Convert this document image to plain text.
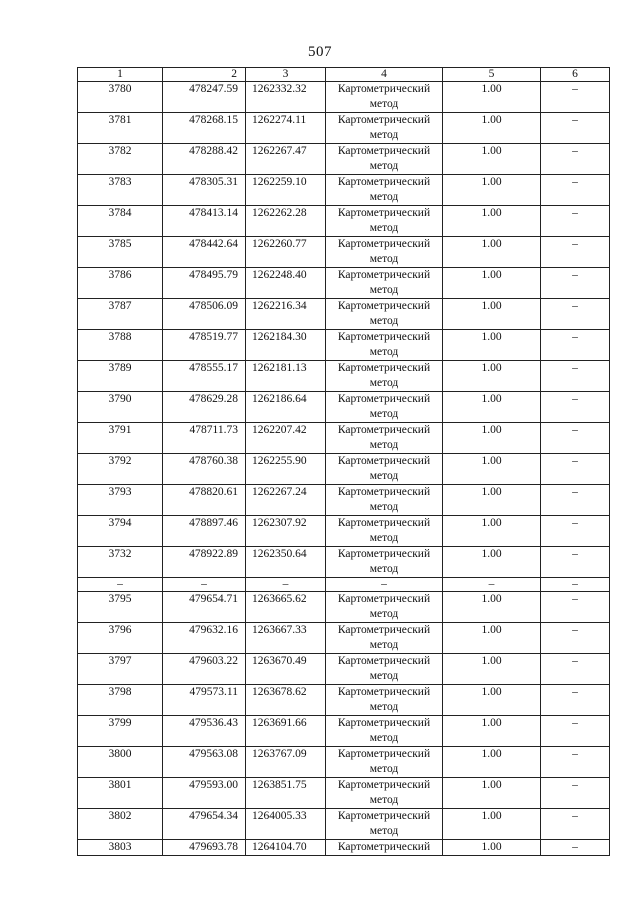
507
1	2	3	4	5	6
3780	478247.59	1262332.32	Картометрический метод	1.00	–
3781	478268.15	1262274.11	Картометрический метод	1.00	–
3782	478288.42	1262267.47	Картометрический метод	1.00	–
3783	478305.31	1262259.10	Картометрический метод	1.00	–
3784	478413.14	1262262.28	Картометрический метод	1.00	–
3785	478442.64	1262260.77	Картометрический метод	1.00	–
3786	478495.79	1262248.40	Картометрический метод	1.00	–
3787	478506.09	1262216.34	Картометрический метод	1.00	–
3788	478519.77	1262184.30	Картометрический метод	1.00	–
3789	478555.17	1262181.13	Картометрический метод	1.00	–
3790	478629.28	1262186.64	Картометрический метод	1.00	–
3791	478711.73	1262207.42	Картометрический метод	1.00	–
3792	478760.38	1262255.90	Картометрический метод	1.00	–
3793	478820.61	1262267.24	Картометрический метод	1.00	–
3794	478897.46	1262307.92	Картометрический метод	1.00	–
3732	478922.89	1262350.64	Картометрический метод	1.00	–
–	–	–	–	–	–
3795	479654.71	1263665.62	Картометрический метод	1.00	–
3796	479632.16	1263667.33	Картометрический метод	1.00	–
3797	479603.22	1263670.49	Картометрический метод	1.00	–
3798	479573.11	1263678.62	Картометрический метод	1.00	–
3799	479536.43	1263691.66	Картометрический метод	1.00	–
3800	479563.08	1263767.09	Картометрический метод	1.00	–
3801	479593.00	1263851.75	Картометрический метод	1.00	–
3802	479654.34	1264005.33	Картометрический метод	1.00	–
3803	479693.78	1264104.70	Картометрический	1.00	–
